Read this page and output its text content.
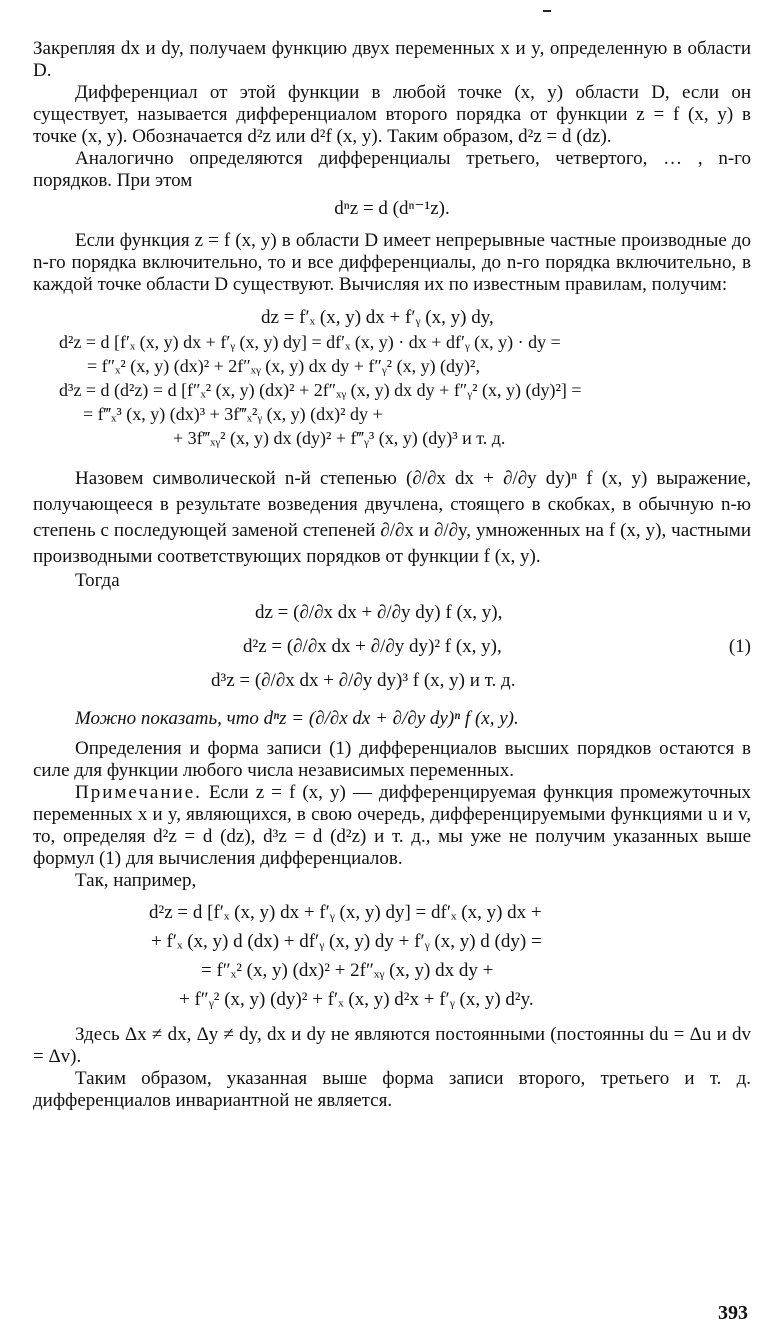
Закрепляя dx и dy, получаем функцию двух переменных x и y, определенную в области D.

Дифференциал от этой функции в любой точке (x, y) области D, если он существует, называется дифференциалом второго порядка от функции z = f (x, y) в точке (x, y). Обозначается d²z или d²f (x, y). Таким образом, d²z = d (dz).

Аналогично определяются дифференциалы третьего, четвертого, … , n-го порядков. При этом

dⁿz = d (dⁿ⁻¹z).

Если функция z = f (x, y) в области D имеет непрерывные частные производные до n-го порядка включительно, то и все дифференциалы, до n-го порядка включительно, в каждой точке области D существуют. Вычисляя их по известным правилам, получим:

dz = f′ₓ (x, y) dx + f′ᵧ (x, y) dy,

d²z = d [f′ₓ (x, y) dx + f′ᵧ (x, y) dy] = df′ₓ (x, y) · dx + df′ᵧ (x, y) · dy =

= f″ₓ² (x, y) (dx)² + 2f″ₓᵧ (x, y) dx dy + f″ᵧ² (x, y) (dy)²,

d³z = d (d²z) = d [f″ₓ² (x, y) (dx)² + 2f″ₓᵧ (x, y) dx dy + f″ᵧ² (x, y) (dy)²] =

= f‴ₓ³ (x, y) (dx)³ + 3f‴ₓ²ᵧ (x, y) (dx)² dy +

+ 3f‴ₓᵧ² (x, y) dx (dy)² + f‴ᵧ³ (x, y) (dy)³ и т. д.

Назовем символической n-й степенью (∂/∂x dx + ∂/∂y dy)ⁿ f (x, y) выражение, получающееся в результате возведения двучлена, стоящего в скобках, в обычную n-ю степень с последующей заменой степеней ∂/∂x и ∂/∂y, умноженных на f (x, y), частными производными соответствующих порядков от функции f (x, y).

Тогда

dz = (∂/∂x dx + ∂/∂y dy) f (x, y),

d²z = (∂/∂x dx + ∂/∂y dy)² f (x, y),	(1)

d³z = (∂/∂x dx + ∂/∂y dy)³ f (x, y) и т. д.

Можно показать, что dⁿz = (∂/∂x dx + ∂/∂y dy)ⁿ f (x, y).

Определения и форма записи (1) дифференциалов высших порядков остаются в силе для функции любого числа независимых переменных.

Примечание. Если z = f (x, y) — дифференцируемая функция промежуточных переменных x и y, являющихся, в свою очередь, дифференцируемыми функциями u и v, то, определяя d²z = d (dz), d³z = d (d²z) и т. д., мы уже не получим указанных выше формул (1) для вычисления дифференциалов.

Так, например,

d²z = d [f′ₓ (x, y) dx + f′ᵧ (x, y) dy] = df′ₓ (x, y) dx +

+ f′ₓ (x, y) d (dx) + df′ᵧ (x, y) dy + f′ᵧ (x, y) d (dy) =

= f″ₓ² (x, y) (dx)² + 2f″ₓᵧ (x, y) dx dy +

+ f″ᵧ² (x, y) (dy)² + f′ₓ (x, y) d²x + f′ᵧ (x, y) d²y.

Здесь Δx ≠ dx, Δy ≠ dy, dx и dy не являются постоянными (постоянны du = Δu и dv = Δv).

Таким образом, указанная выше форма записи второго, третьего и т. д. дифференциалов инвариантной не является.

393
